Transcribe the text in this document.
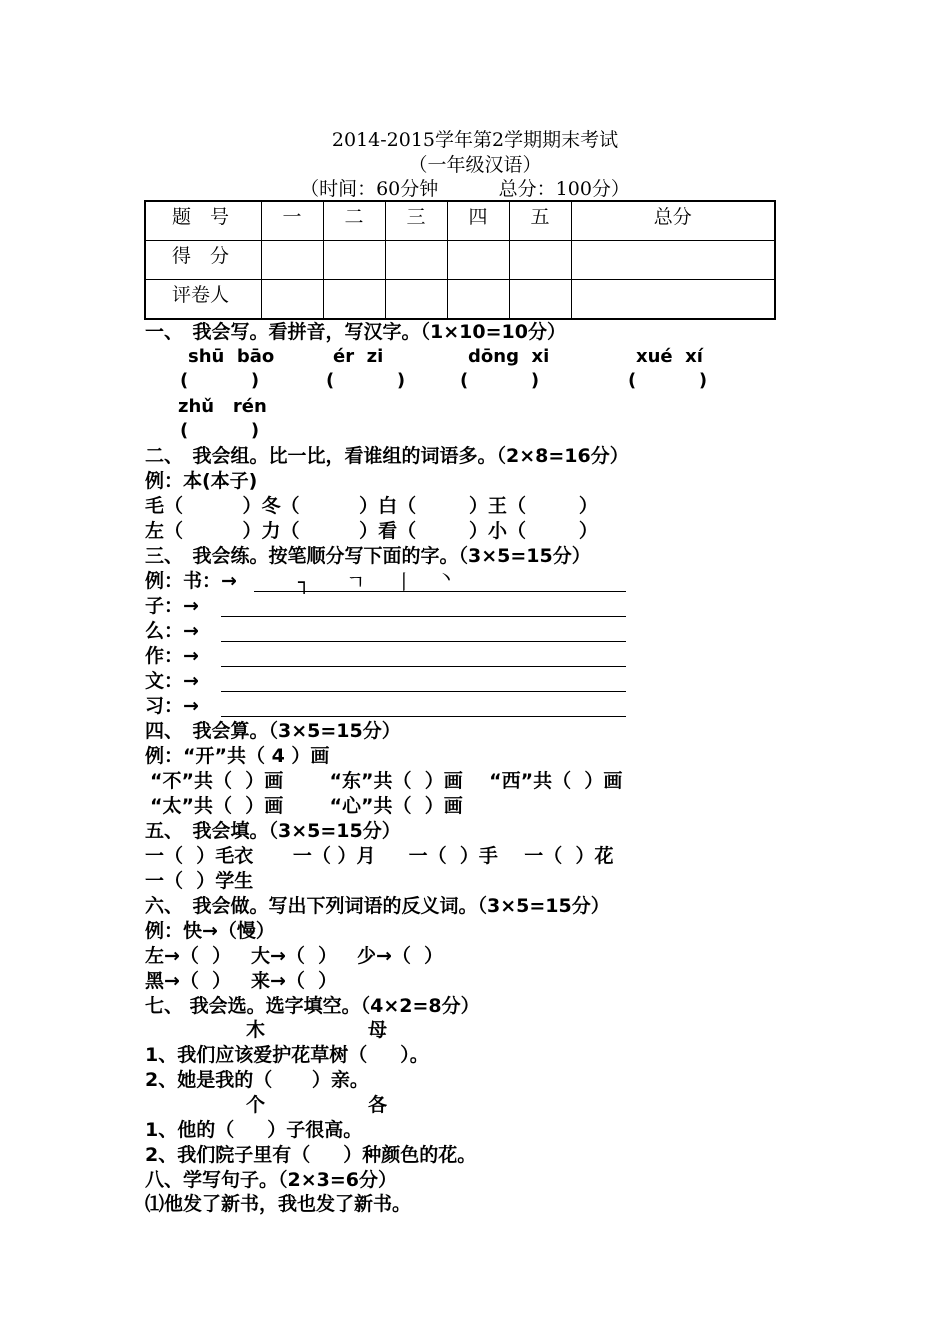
2014-2015学年第2学期期末考试
（一年级汉语）
（时间：60分钟          总分：100分）
题　号	一	二	三	四	五	总分
得　分						
评卷人						
一、　我会写。看拼音，写汉字。（1×10=10分）
shū  bāo	ér  zi	dōng  xi	xué  xí
(          )	(          )	(          )	(          )
zhǔ   rén
(          )
二、　我会组。比一比，看谁组的词语多。（2×8=16分）
例：本(本子)
毛（         ）冬（         ）白（        ）王（        ）
左（         ）力（         ）看（        ）小（        ）
三、　我会练。按笔顺分写下面的字。（3×5=15分）
例：书：→	┐ ㄱ 丨 丶
子：→
么：→
作：→
文：→
习：→
四、　我会算。（3×5=15分）
例：“开”共（ 4 ）画
“不”共（  ）画       “东”共（  ）画    “西”共（  ）画
“太”共（  ）画       “心”共（  ）画
五、　我会填。（3×5=15分）
一（  ）毛衣      一（ ）月     一（  ）手    一（  ）花
一（  ）学生
六、　我会做。写出下列词语的反义词。（3×5=15分）
例：快→（慢）
左→（  ）   大→（  ）   少→（  ）
黑→（  ）   来→（  ）
七、 我会选。选字填空。（4×2=8分）
木	母
1、我们应该爱护花草树（     ）。
2、她是我的（      ）亲。
个	各
1、他的（     ）子很高。
2、我们院子里有（     ）种颜色的花。
八、学写句子。（2×3=6分）
⑴他发了新书，我也发了新书。
